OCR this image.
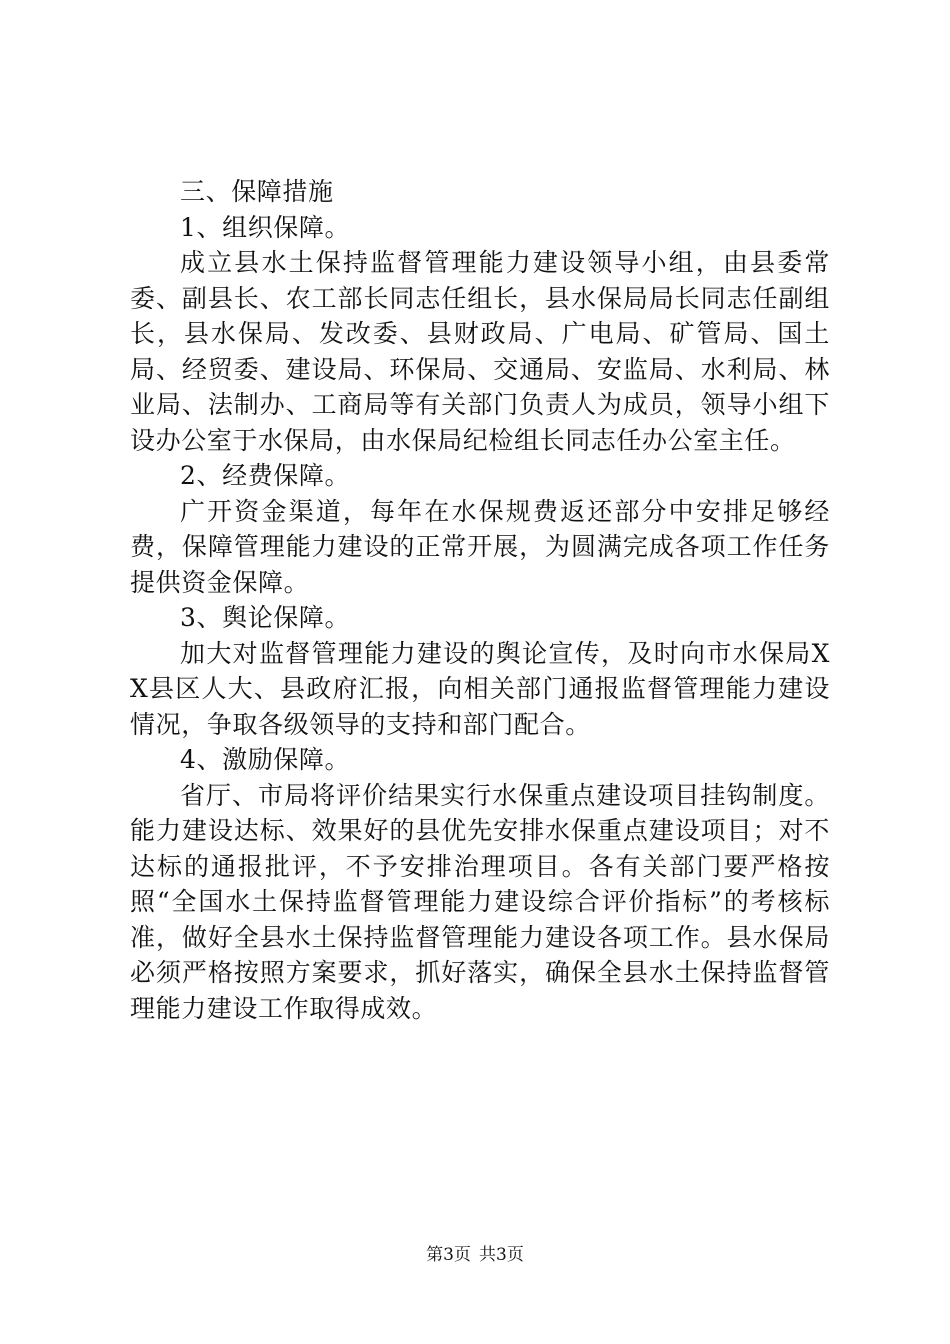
三、保障措施

1、组织保障。

成立县水土保持监督管理能力建设领导小组，由县委常委、副县长、农工部长同志任组长，县水保局局长同志任副组长，县水保局、发改委、县财政局、广电局、矿管局、国土局、经贸委、建设局、环保局、交通局、安监局、水利局、林业局、法制办、工商局等有关部门负责人为成员，领导小组下设办公室于水保局，由水保局纪检组长同志任办公室主任。

2、经费保障。

广开资金渠道，每年在水保规费返还部分中安排足够经费，保障管理能力建设的正常开展，为圆满完成各项工作任务提供资金保障。

3、舆论保障。

加大对监督管理能力建设的舆论宣传，及时向市水保局XX县区人大、县政府汇报，向相关部门通报监督管理能力建设情况，争取各级领导的支持和部门配合。

4、激励保障。

省厅、市局将评价结果实行水保重点建设项目挂钩制度。能力建设达标、效果好的县优先安排水保重点建设项目；对不达标的通报批评，不予安排治理项目。各有关部门要严格按照“全国水土保持监督管理能力建设综合评价指标”的考核标准，做好全县水土保持监督管理能力建设各项工作。县水保局必须严格按照方案要求，抓好落实，确保全县水土保持监督管理能力建设工作取得成效。

第3页 共3页
